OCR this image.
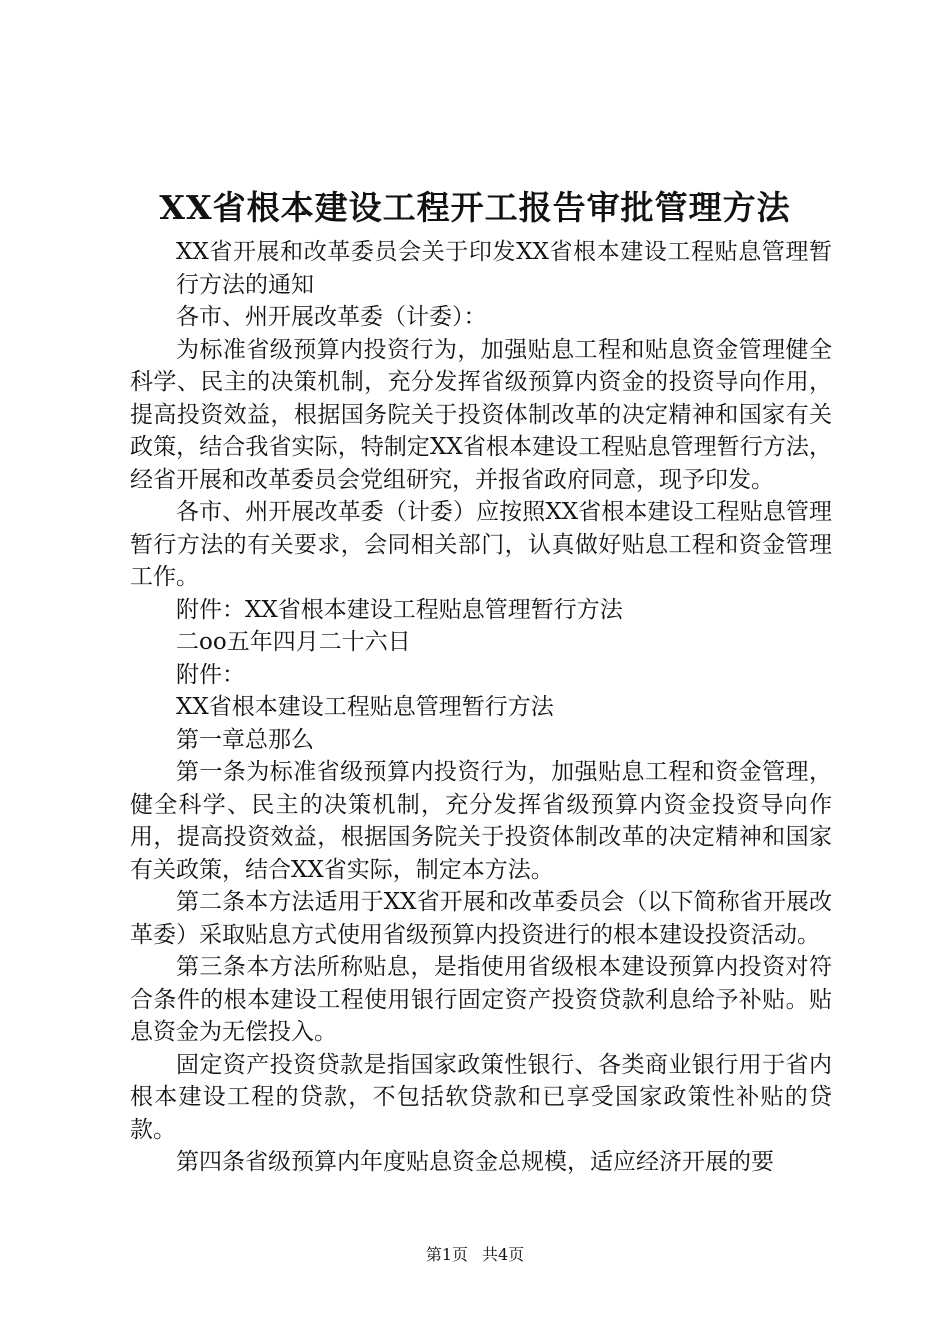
XX省根本建设工程开工报告审批管理方法

XX省开展和改革委员会关于印发XX省根本建设工程贴息管理暂行方法的通知

各市、州开展改革委（计委）：

为标准省级预算内投资行为，加强贴息工程和贴息资金管理健全科学、民主的决策机制，充分发挥省级预算内资金的投资导向作用，提高投资效益，根据国务院关于投资体制改革的决定精神和国家有关政策，结合我省实际，特制定XX省根本建设工程贴息管理暂行方法，经省开展和改革委员会党组研究，并报省政府同意，现予印发。

各市、州开展改革委（计委）应按照XX省根本建设工程贴息管理暂行方法的有关要求，会同相关部门，认真做好贴息工程和资金管理工作。

附件：XX省根本建设工程贴息管理暂行方法

二oo五年四月二十六日

附件：

XX省根本建设工程贴息管理暂行方法

第一章总那么

第一条为标准省级预算内投资行为，加强贴息工程和资金管理，健全科学、民主的决策机制，充分发挥省级预算内资金投资导向作用，提高投资效益，根据国务院关于投资体制改革的决定精神和国家有关政策，结合XX省实际，制定本方法。

第二条本方法适用于XX省开展和改革委员会（以下简称省开展改革委）采取贴息方式使用省级预算内投资进行的根本建设投资活动。

第三条本方法所称贴息，是指使用省级根本建设预算内投资对符合条件的根本建设工程使用银行固定资产投资贷款利息给予补贴。贴息资金为无偿投入。

固定资产投资贷款是指国家政策性银行、各类商业银行用于省内根本建设工程的贷款，不包括软贷款和已享受国家政策性补贴的贷款。

第四条省级预算内年度贴息资金总规模，适应经济开展的要

第1页 共4页
